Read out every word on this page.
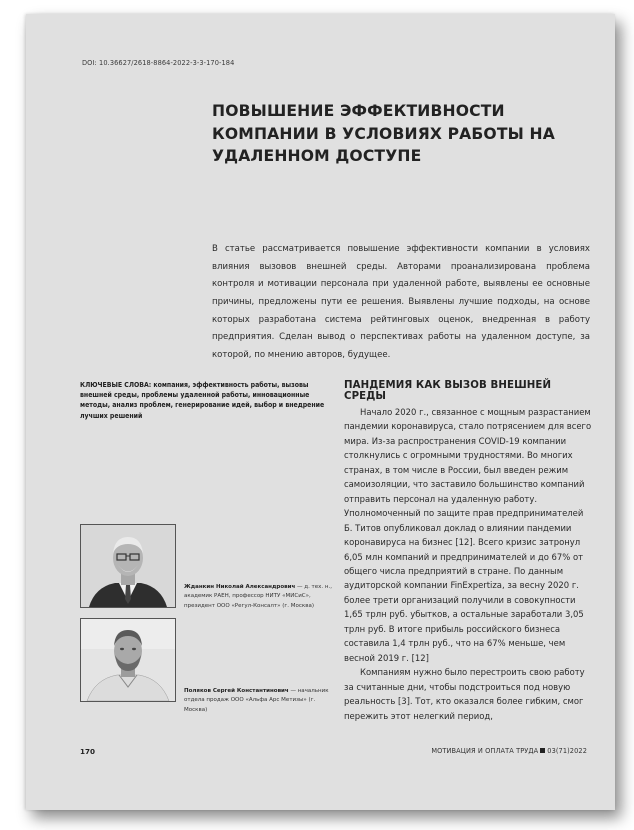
DOI: 10.36627/2618-8864-2022-3-3-170-184
ПОВЫШЕНИЕ ЭФФЕКТИВНОСТИ КОМПАНИИ В УСЛОВИЯХ РАБОТЫ НА УДАЛЕННОМ ДОСТУПЕ

В статье рассматривается повышение эффективности компании в условиях влияния вызовов внешней среды. Авторами проанализирована проблема контроля и мотивации персонала при удаленной работе, выявлены ее основные причины, предложены пути ее решения. Выявлены лучшие подходы, на основе которых разработана система рейтинговых оценок, внедренная в работу предприятия. Сделан вывод о перспективах работы на удаленном доступе, за которой, по мнению авторов, будущее.

КЛЮЧЕВЫЕ СЛОВА: компания, эффективность работы, вызовы внешней среды, проблемы удаленной работы, инновационные методы, анализ проблем, генерирование идей, выбор и внедрение лучших решений

Жданкин Николай Александрович — д. тех. н., академик РАЕН, профессор НИТУ «МИСиС», президент ООО «Регул-Консалт» (г. Москва)

Поляков Сергей Константинович — начальник отдела продаж ООО «Альфа Арс Метизы» (г. Москва)

ПАНДЕМИЯ КАК ВЫЗОВ ВНЕШНЕЙ СРЕДЫ

Начало 2020 г., связанное с мощным разрастанием пандемии коронавируса, стало потрясением для всего мира. Из-за распространения COVID-19 компании столкнулись с огромными трудностями. Во многих странах, в том числе в России, был введен режим самоизоляции, что заставило большинство компаний отправить персонал на удаленную работу. Уполномоченный по защите прав предпринимателей Б. Титов опубликовал доклад о влиянии пандемии коронавируса на бизнес [12]. Всего кризис затронул 6,05 млн компаний и предпринимателей и до 67% от общего числа предприятий в стране. По данным аудиторской компании FinExpertiza, за весну 2020 г. более трети организаций получили в совокупности 1,65 трлн руб. убытков, а остальные заработали 3,05 трлн руб. В итоге прибыль российского бизнеса составила 1,4 трлн руб., что на 67% меньше, чем весной 2019 г. [12]

Компаниям нужно было перестроить свою работу за считанные дни, чтобы подстроиться под новую реальность [3]. Тот, кто оказался более гибким, смог пережить этот нелегкий период,

170	МОТИВАЦИЯ И ОПЛАТА ТРУДА 03(71)2022
